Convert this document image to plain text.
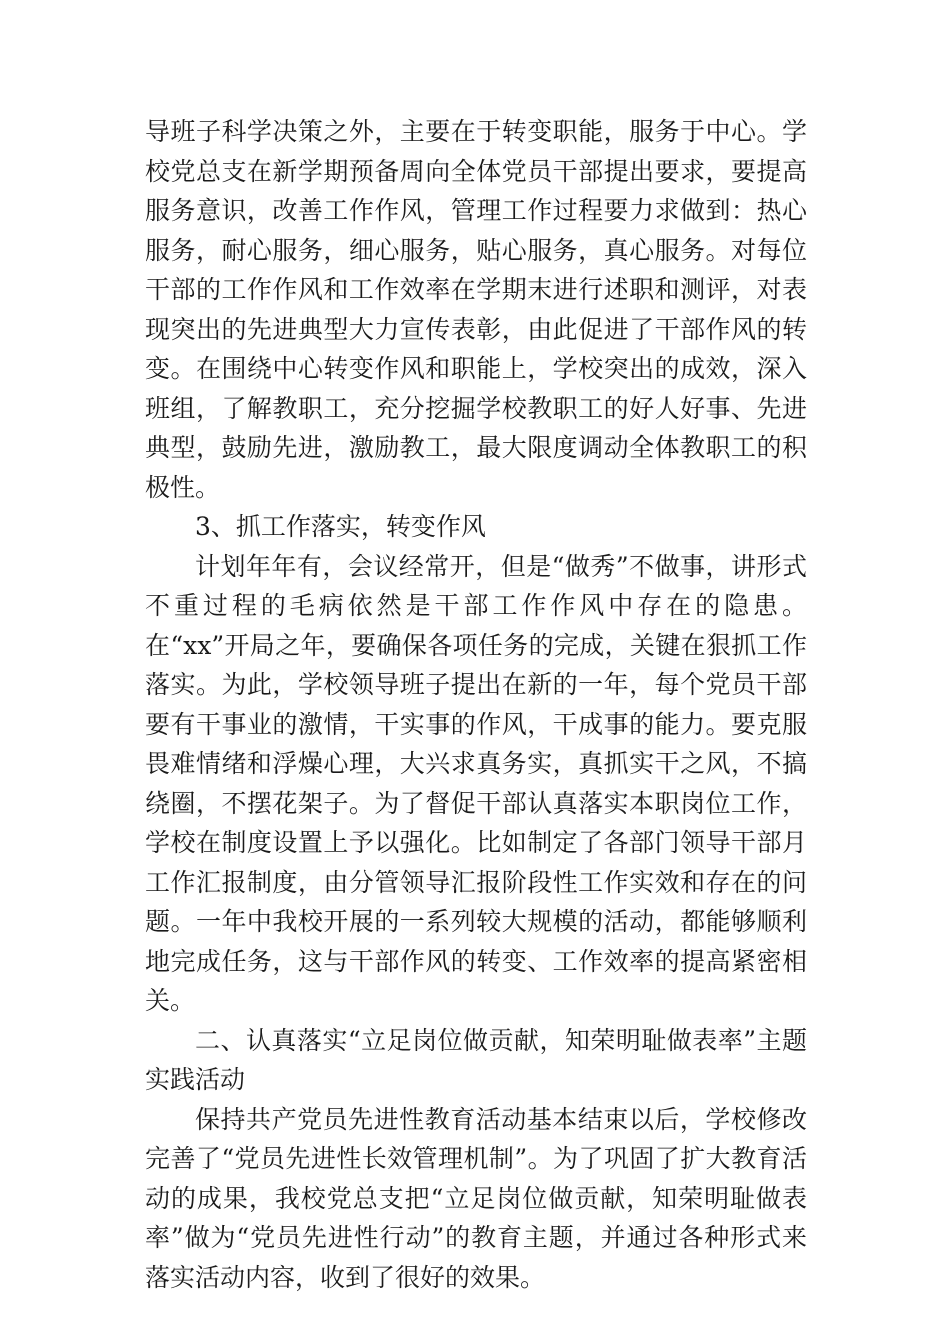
导班子科学决策之外，主要在于转变职能，服务于中心。学校党总支在新学期预备周向全体党员干部提出要求，要提高服务意识，改善工作作风，管理工作过程要力求做到：热心服务，耐心服务，细心服务，贴心服务，真心服务。对每位干部的工作作风和工作效率在学期末进行述职和测评，对表现突出的先进典型大力宣传表彰，由此促进了干部作风的转变。在围绕中心转变作风和职能上，学校突出的成效，深入班组，了解教职工，充分挖掘学校教职工的好人好事、先进典型，鼓励先进，激励教工，最大限度调动全体教职工的积极性。

3、抓工作落实，转变作风

计划年年有，会议经常开，但是“做秀”不做事，讲形式不重过程的毛病依然是干部工作作风中存在的隐患。在“xx”开局之年，要确保各项任务的完成，关键在狠抓工作落实。为此，学校领导班子提出在新的一年，每个党员干部要有干事业的激情，干实事的作风，干成事的能力。要克服畏难情绪和浮燥心理，大兴求真务实，真抓实干之风，不搞绕圈，不摆花架子。为了督促干部认真落实本职岗位工作，学校在制度设置上予以强化。比如制定了各部门领导干部月工作汇报制度，由分管领导汇报阶段性工作实效和存在的问题。一年中我校开展的一系列较大规模的活动，都能够顺利地完成任务，这与干部作风的转变、工作效率的提高紧密相关。

二、认真落实“立足岗位做贡献，知荣明耻做表率”主题实践活动

保持共产党员先进性教育活动基本结束以后，学校修改完善了“党员先进性长效管理机制”。为了巩固了扩大教育活动的成果，我校党总支把“立足岗位做贡献，知荣明耻做表率”做为“党员先进性行动”的教育主题，并通过各种形式来落实活动内容，收到了很好的效果。
